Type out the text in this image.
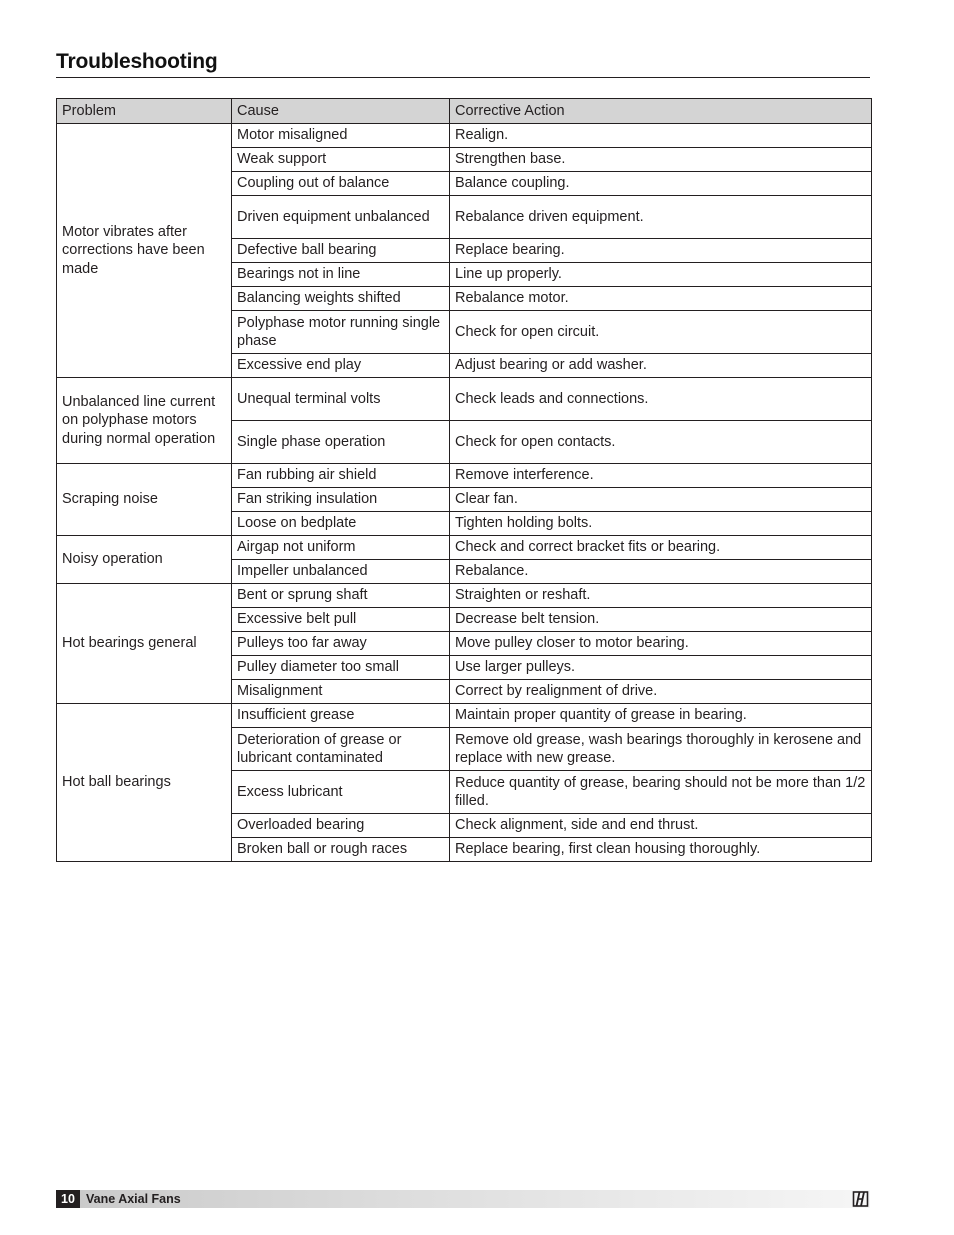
Troubleshooting
Problem	Cause	Corrective Action
Motor vibrates after corrections have been made	Motor misaligned	Realign.
	Weak support	Strengthen base.
	Coupling out of balance	Balance coupling.
	Driven equipment unbalanced	Rebalance driven equipment.
	Defective ball bearing	Replace bearing.
	Bearings not in line	Line up properly.
	Balancing weights shifted	Rebalance motor.
	Polyphase motor running single phase	Check for open circuit.
	Excessive end play	Adjust bearing or add washer.
Unbalanced line current on polyphase motors during normal operation	Unequal terminal volts	Check leads and connections.
	Single phase operation	Check for open contacts.
Scraping noise	Fan rubbing air shield	Remove interference.
	Fan striking insulation	Clear fan.
	Loose on bedplate	Tighten holding bolts.
Noisy operation	Airgap not uniform	Check and correct bracket fits or bearing.
	Impeller unbalanced	Rebalance.
Hot bearings general	Bent or sprung shaft	Straighten or reshaft.
	Excessive belt pull	Decrease belt tension.
	Pulleys too far away	Move pulley closer to motor bearing.
	Pulley diameter too small	Use larger pulleys.
	Misalignment	Correct by realignment of drive.
Hot ball bearings	Insufficient grease	Maintain proper quantity of grease in bearing.
	Deterioration of grease or lubricant contaminated	Remove old grease, wash bearings thoroughly in kerosene and replace with new grease.
	Excess lubricant	Reduce quantity of grease, bearing should not be more than 1/2 filled.
	Overloaded bearing	Check alignment, side and end thrust.
	Broken ball or rough races	Replace bearing, first clean housing thoroughly.
10 Vane Axial Fans
